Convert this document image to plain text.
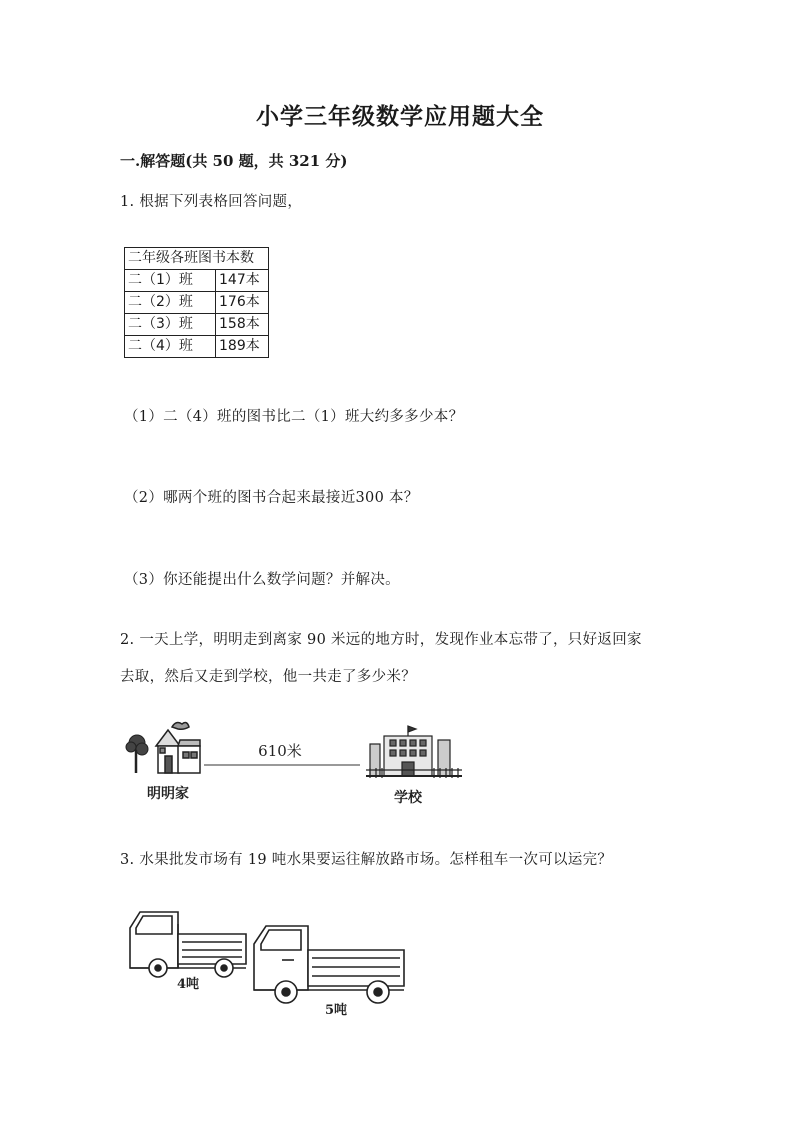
小学三年级数学应用题大全
一.解答题(共 50 题，共 321 分)
1. 根据下列表格回答问题，
二年级各班图书本数	
二（1）班	147本
二（2）班	176本
二（3）班	158本
二（4）班	189本
（1）二（4）班的图书比二（1）班大约多多少本？
（2）哪两个班的图书合起来最接近300 本？
（3）你还能提出什么数学问题？并解决。
2. 一天上学，明明走到离家 90 米远的地方时，发现作业本忘带了，只好返回家
去取，然后又走到学校，他一共走了多少米？
610米
明明家	学校
3. 水果批发市场有 19 吨水果要运往解放路市场。怎样租车一次可以运完？
4吨
5吨
